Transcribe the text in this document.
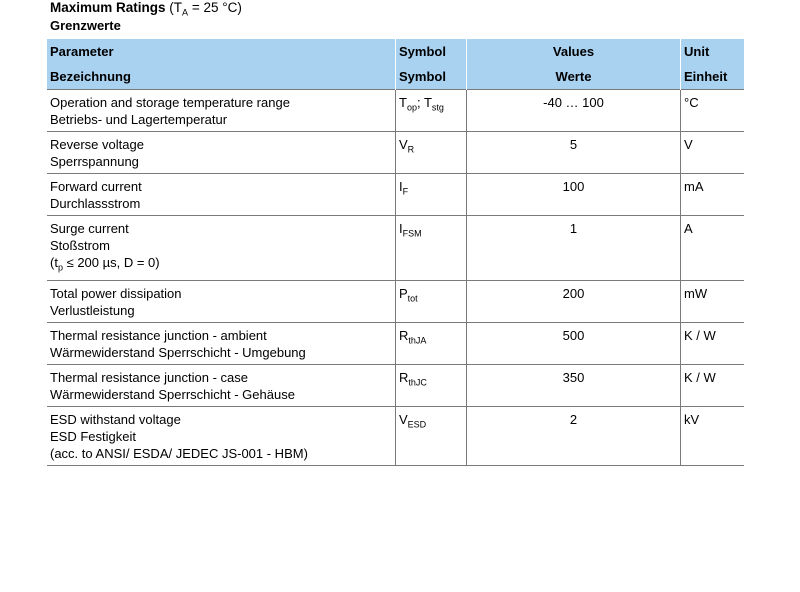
Maximum Ratings ($T_A = 25$ °C)
Grenzwerte
Parameter	Symbol	Values	Unit
Bezeichnung	Symbol	Werte	Einheit

Operation and storage temperature range
Betriebs- und Lagertemperatur	$T_{op}$; $T_{stg}$	-40 … 100	°C

Reverse voltage
Sperrspannung	$V_R$	5	V

Forward current
Durchlassstrom	$I_F$	100	mA

Surge current
Stoßstrom
($t_p \le 200$ µs, D = 0)	$I_{FSM}$	1	A

Total power dissipation
Verlustleistung	$P_{tot}$	200	mW

Thermal resistance junction - ambient
Wärmewiderstand Sperrschicht - Umgebung	$R_{thJA}$	500	K / W

Thermal resistance junction - case
Wärmewiderstand Sperrschicht - Gehäuse	$R_{thJC}$	350	K / W

ESD withstand voltage
ESD Festigkeit
(acc. to ANSI/ ESDA/ JEDEC JS-001 - HBM)	$V_{ESD}$	2	kV
